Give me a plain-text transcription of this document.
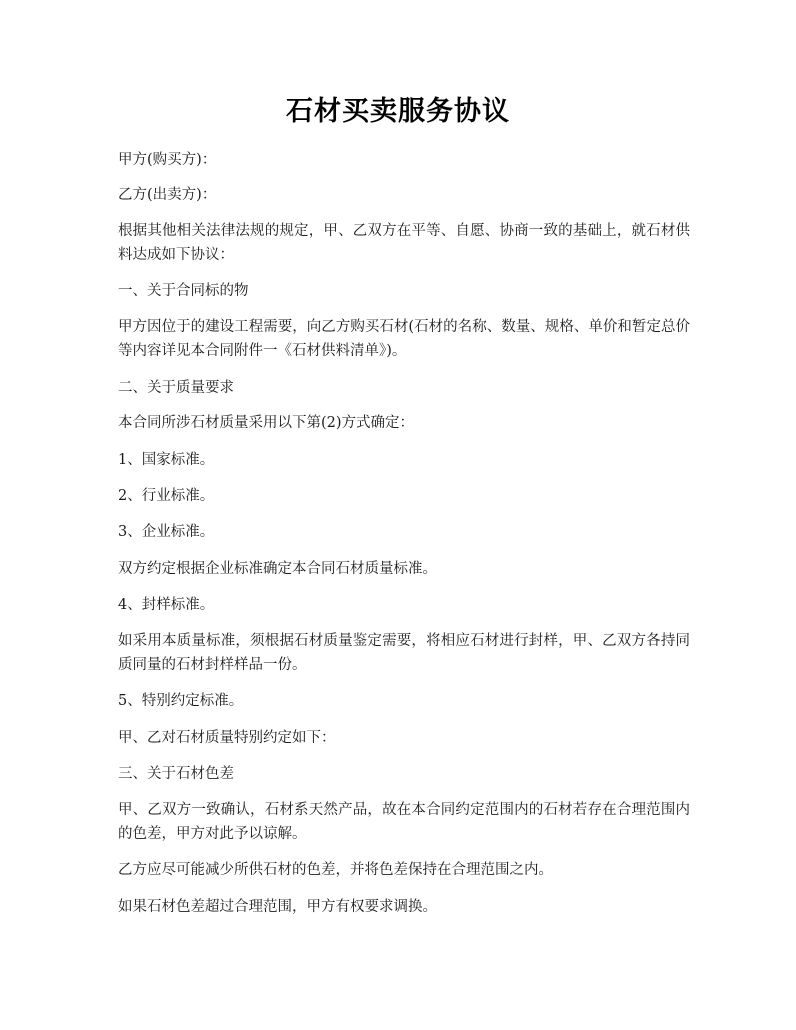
石材买卖服务协议
甲方(购买方)：
乙方(出卖方)：
根据其他相关法律法规的规定，甲、乙双方在平等、自愿、协商一致的基础上，就石材供料达成如下协议：
一、关于合同标的物
甲方因位于的建设工程需要，向乙方购买石材(石材的名称、数量、规格、单价和暂定总价等内容详见本合同附件一《石材供料清单》)。
二、关于质量要求
本合同所涉石材质量采用以下第(2)方式确定：
1、国家标准。
2、行业标准。
3、企业标准。
双方约定根据企业标准确定本合同石材质量标准。
4、封样标准。
如采用本质量标准，须根据石材质量鉴定需要，将相应石材进行封样，甲、乙双方各持同质同量的石材封样样品一份。
5、特别约定标准。
甲、乙对石材质量特别约定如下：
三、关于石材色差
甲、乙双方一致确认，石材系天然产品，故在本合同约定范围内的石材若存在合理范围内的色差，甲方对此予以谅解。
乙方应尽可能减少所供石材的色差，并将色差保持在合理范围之内。
如果石材色差超过合理范围，甲方有权要求调换。
